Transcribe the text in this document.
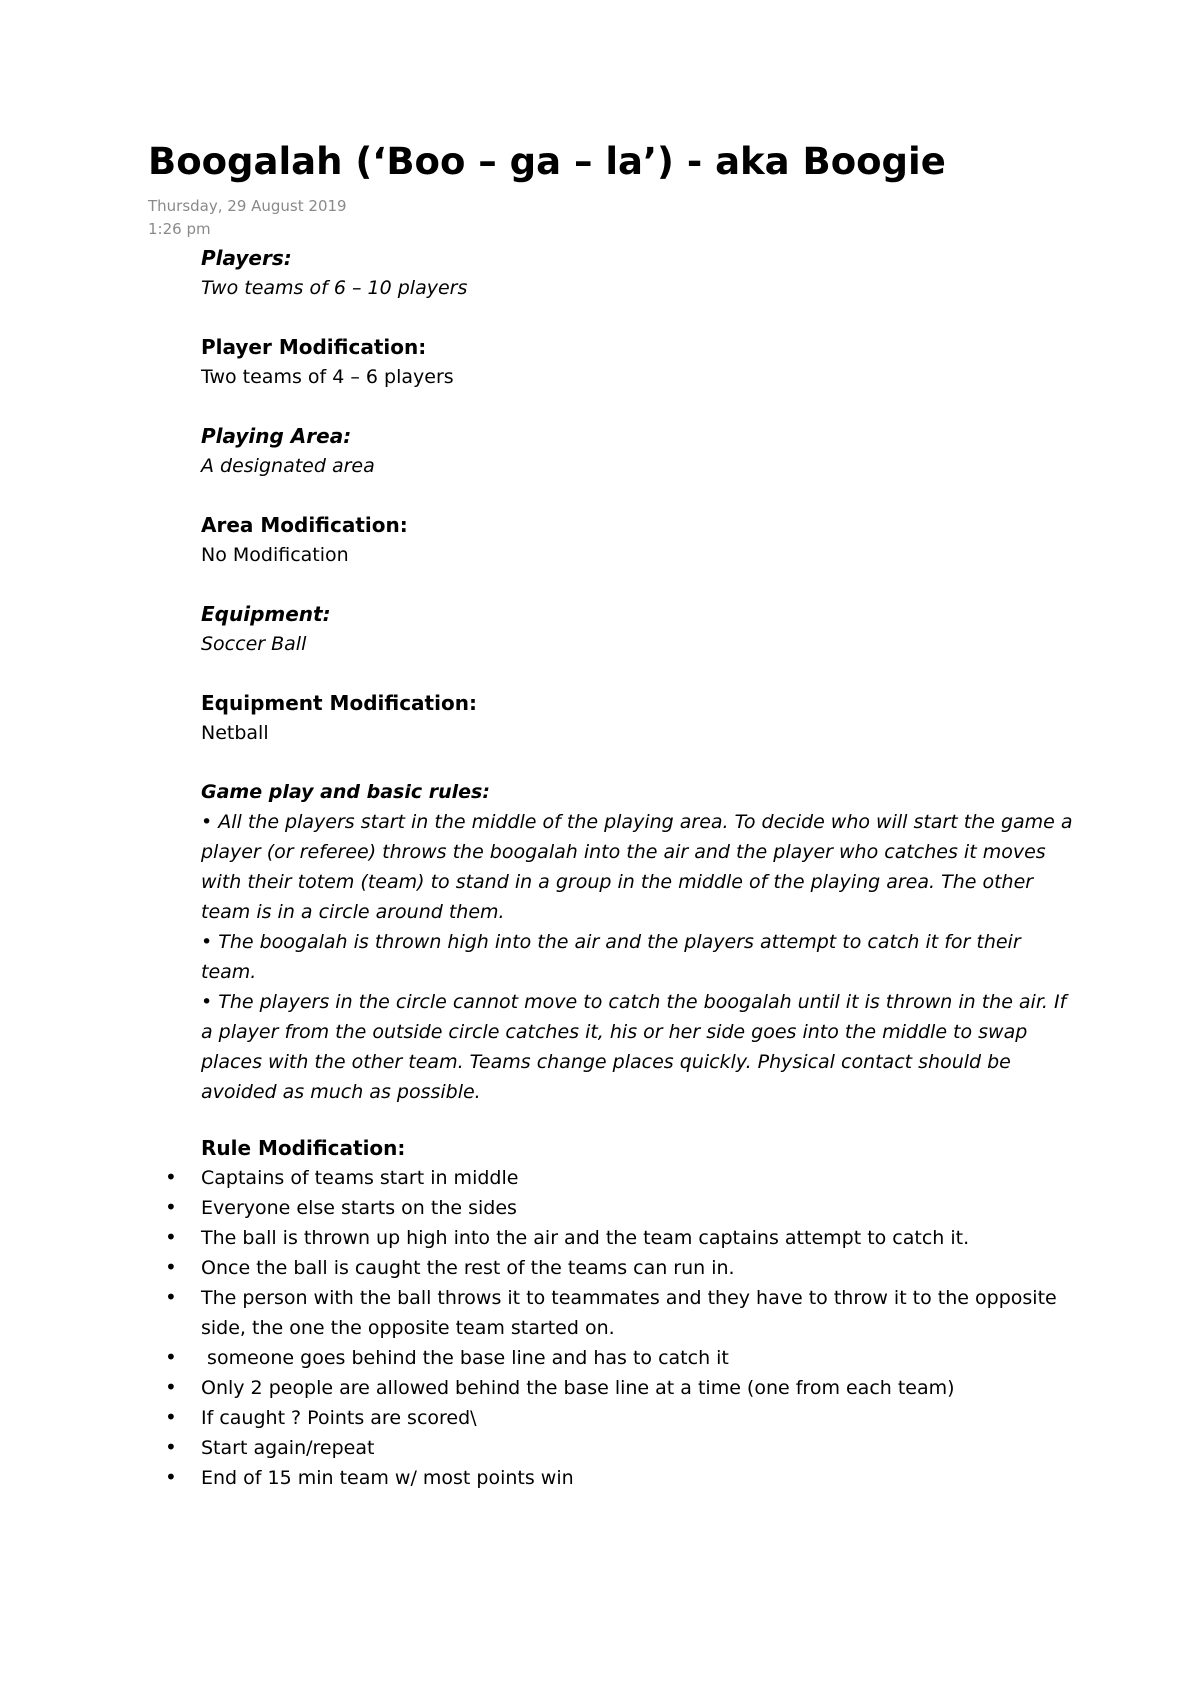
Boogalah (‘Boo – ga – la’) - aka Boogie
Thursday, 29 August 2019
1:26 pm
Players:
Two teams of 6 – 10 players
Player Modification:
Two teams of 4 – 6 players
Playing Area:
A designated area
Area Modification:
No Modification
Equipment:
Soccer Ball
Equipment Modification:
Netball
Game play and basic rules:

• All the players start in the middle of the playing area. To decide who will start the game a player (or referee) throws the boogalah into the air and the player who catches it moves with their totem (team) to stand in a group in the middle of the playing area. The other team is in a circle around them.

• The boogalah is thrown high into the air and the players attempt to catch it for their team.

• The players in the circle cannot move to catch the boogalah until it is thrown in the air. If a player from the outside circle catches it, his or her side goes into the middle to swap places with the other team. Teams change places quickly. Physical contact should be avoided as much as possible.

Rule Modification:
• Captains of teams start in middle
• Everyone else starts on the sides
• The ball is thrown up high into the air and the team captains attempt to catch it.
• Once the ball is caught the rest of the teams can run in.
• The person with the ball throws it to teammates and they have to throw it to the opposite side, the one the opposite team started on.
• someone goes behind the base line and has to catch it
• Only 2 people are allowed behind the base line at a time (one from each team)
• If caught ? Points are scored\
• Start again/repeat
• End of 15 min team w/ most points win
